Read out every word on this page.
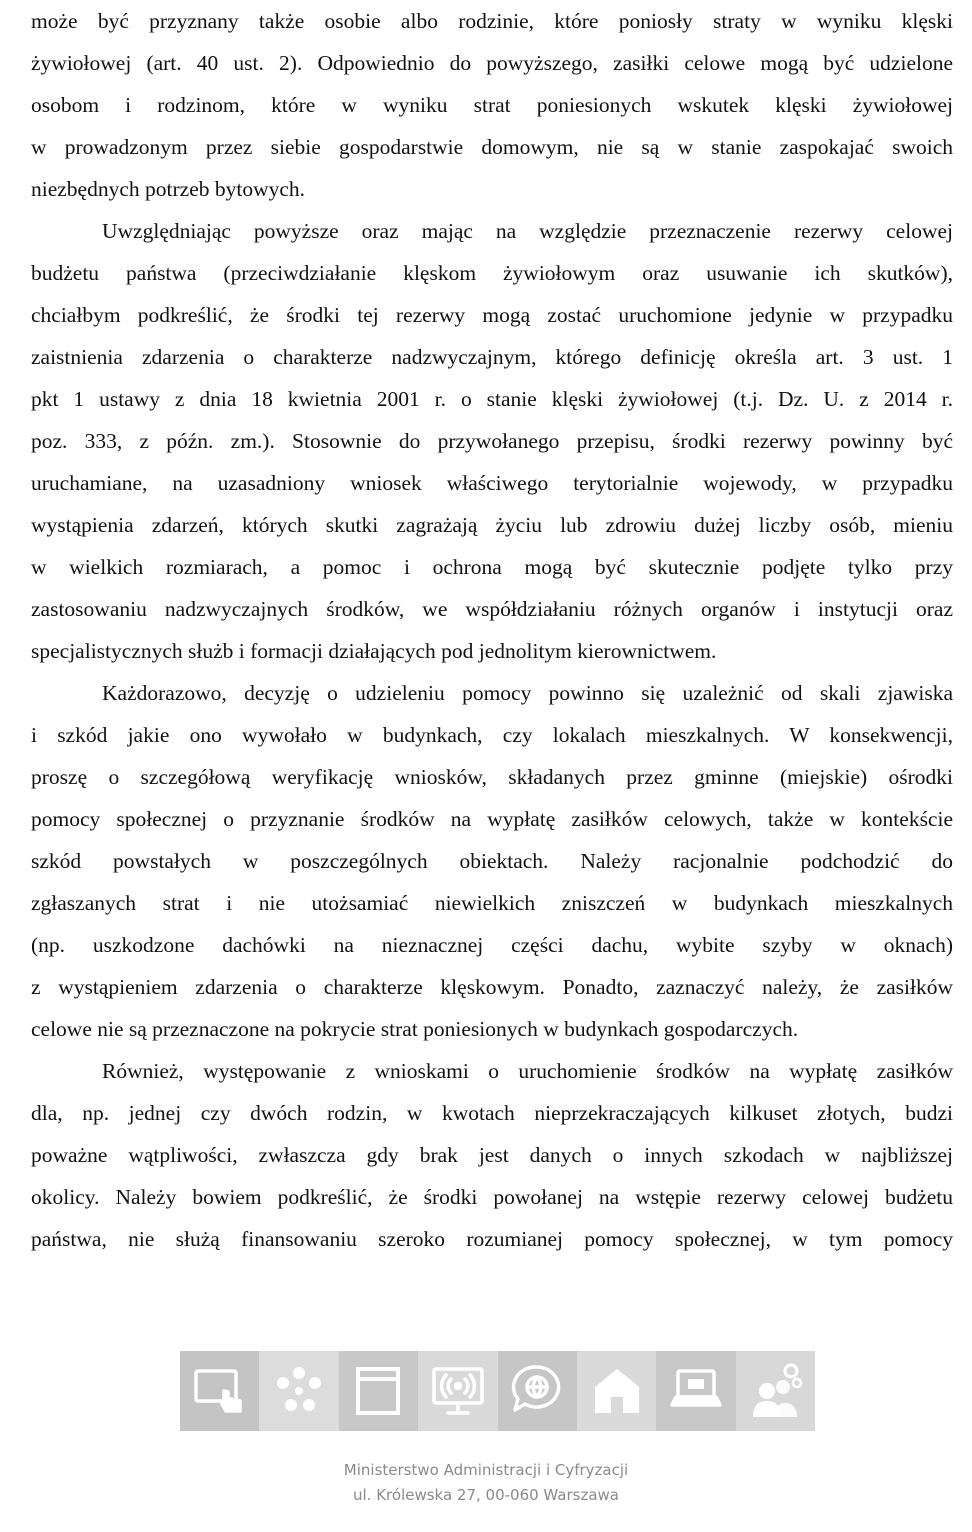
może być przyznany także osobie albo rodzinie, które poniosły straty w wyniku klęski
żywiołowej (art. 40 ust. 2). Odpowiednio do powyższego, zasiłki celowe mogą być udzielone
osobom i rodzinom, które w wyniku strat poniesionych wskutek klęski żywiołowej
w prowadzonym przez siebie gospodarstwie domowym, nie są w stanie zaspokajać swoich
niezbędnych potrzeb bytowych.
Uwzględniając powyższe oraz mając na względzie przeznaczenie rezerwy celowej
budżetu państwa (przeciwdziałanie klęskom żywiołowym oraz usuwanie ich skutków),
chciałbym podkreślić, że środki tej rezerwy mogą zostać uruchomione jedynie w przypadku
zaistnienia zdarzenia o charakterze nadzwyczajnym, którego definicję określa art. 3 ust. 1
pkt 1 ustawy z dnia 18 kwietnia 2001 r. o stanie klęski żywiołowej (t.j. Dz. U. z 2014 r.
poz. 333, z późn. zm.). Stosownie do przywołanego przepisu, środki rezerwy powinny być
uruchamiane, na uzasadniony wniosek właściwego terytorialnie wojewody, w przypadku
wystąpienia zdarzeń, których skutki zagrażają życiu lub zdrowiu dużej liczby osób, mieniu
w wielkich rozmiarach, a pomoc i ochrona mogą być skutecznie podjęte tylko przy
zastosowaniu nadzwyczajnych środków, we współdziałaniu różnych organów i instytucji oraz
specjalistycznych służb i formacji działających pod jednolitym kierownictwem.
Każdorazowo, decyzję o udzieleniu pomocy powinno się uzależnić od skali zjawiska
i szkód jakie ono wywołało w budynkach, czy lokalach mieszkalnych. W konsekwencji,
proszę o szczegółową weryfikację wniosków, składanych przez gminne (miejskie) ośrodki
pomocy społecznej o przyznanie środków na wypłatę zasiłków celowych, także w kontekście
szkód powstałych w poszczególnych obiektach. Należy racjonalnie podchodzić do
zgłaszanych strat i nie utożsamiać niewielkich zniszczeń w budynkach mieszkalnych
(np. uszkodzone dachówki na nieznacznej części dachu, wybite szyby w oknach)
z wystąpieniem zdarzenia o charakterze klęskowym. Ponadto, zaznaczyć należy, że zasiłków
celowe nie są przeznaczone na pokrycie strat poniesionych w budynkach gospodarczych.
Również, występowanie z wnioskami o uruchomienie środków na wypłatę zasiłków
dla, np. jednej czy dwóch rodzin, w kwotach nieprzekraczających kilkuset złotych, budzi
poważne wątpliwości, zwłaszcza gdy brak jest danych o innych szkodach w najbliższej
okolicy. Należy bowiem podkreślić, że środki powołanej na wstępie rezerwy celowej budżetu
państwa, nie służą finansowaniu szeroko rozumianej pomocy społecznej, w tym pomocy
Ministerstwo Administracji i Cyfryzacji
ul. Królewska 27, 00-060 Warszawa
